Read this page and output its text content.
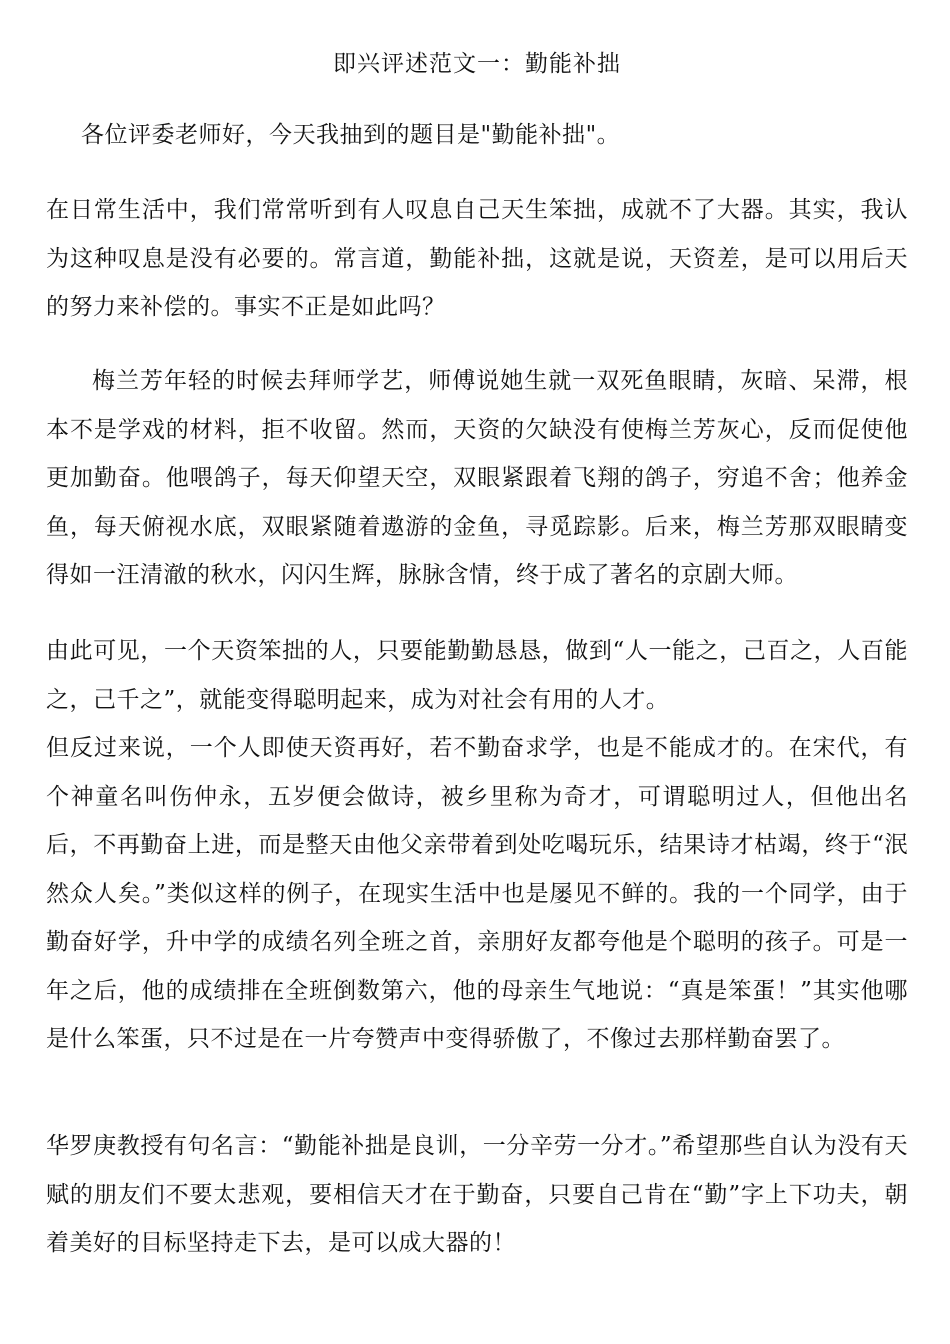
即兴评述范文一：勤能补拙

各位评委老师好，今天我抽到的题目是"勤能补拙"。

在日常生活中，我们常常听到有人叹息自己天生笨拙，成就不了大器。其实，我认为这种叹息是没有必要的。常言道，勤能补拙，这就是说，天资差，是可以用后天的努力来补偿的。事实不正是如此吗？

梅兰芳年轻的时候去拜师学艺，师傅说她生就一双死鱼眼睛，灰暗、呆滞，根本不是学戏的材料，拒不收留。然而，天资的欠缺没有使梅兰芳灰心，反而促使他更加勤奋。他喂鸽子，每天仰望天空，双眼紧跟着飞翔的鸽子，穷追不舍；他养金鱼，每天俯视水底，双眼紧随着遨游的金鱼，寻觅踪影。后来，梅兰芳那双眼睛变得如一汪清澈的秋水，闪闪生辉，脉脉含情，终于成了著名的京剧大师。

由此可见，一个天资笨拙的人，只要能勤勤恳恳，做到“人一能之，己百之，人百能之，己千之”，就能变得聪明起来，成为对社会有用的人才。

但反过来说，一个人即使天资再好，若不勤奋求学，也是不能成才的。在宋代，有个神童名叫伤仲永，五岁便会做诗，被乡里称为奇才，可谓聪明过人，但他出名后，不再勤奋上进，而是整天由他父亲带着到处吃喝玩乐，结果诗才枯竭，终于“泯然众人矣。”类似这样的例子，在现实生活中也是屡见不鲜的。我的一个同学，由于勤奋好学，升中学的成绩名列全班之首，亲朋好友都夸他是个聪明的孩子。可是一年之后，他的成绩排在全班倒数第六，他的母亲生气地说：“真是笨蛋！”其实他哪是什么笨蛋，只不过是在一片夸赞声中变得骄傲了，不像过去那样勤奋罢了。

华罗庚教授有句名言：“勤能补拙是良训，一分辛劳一分才。”希望那些自认为没有天赋的朋友们不要太悲观，要相信天才在于勤奋，只要自己肯在“勤”字上下功夫，朝着美好的目标坚持走下去，是可以成大器的！
